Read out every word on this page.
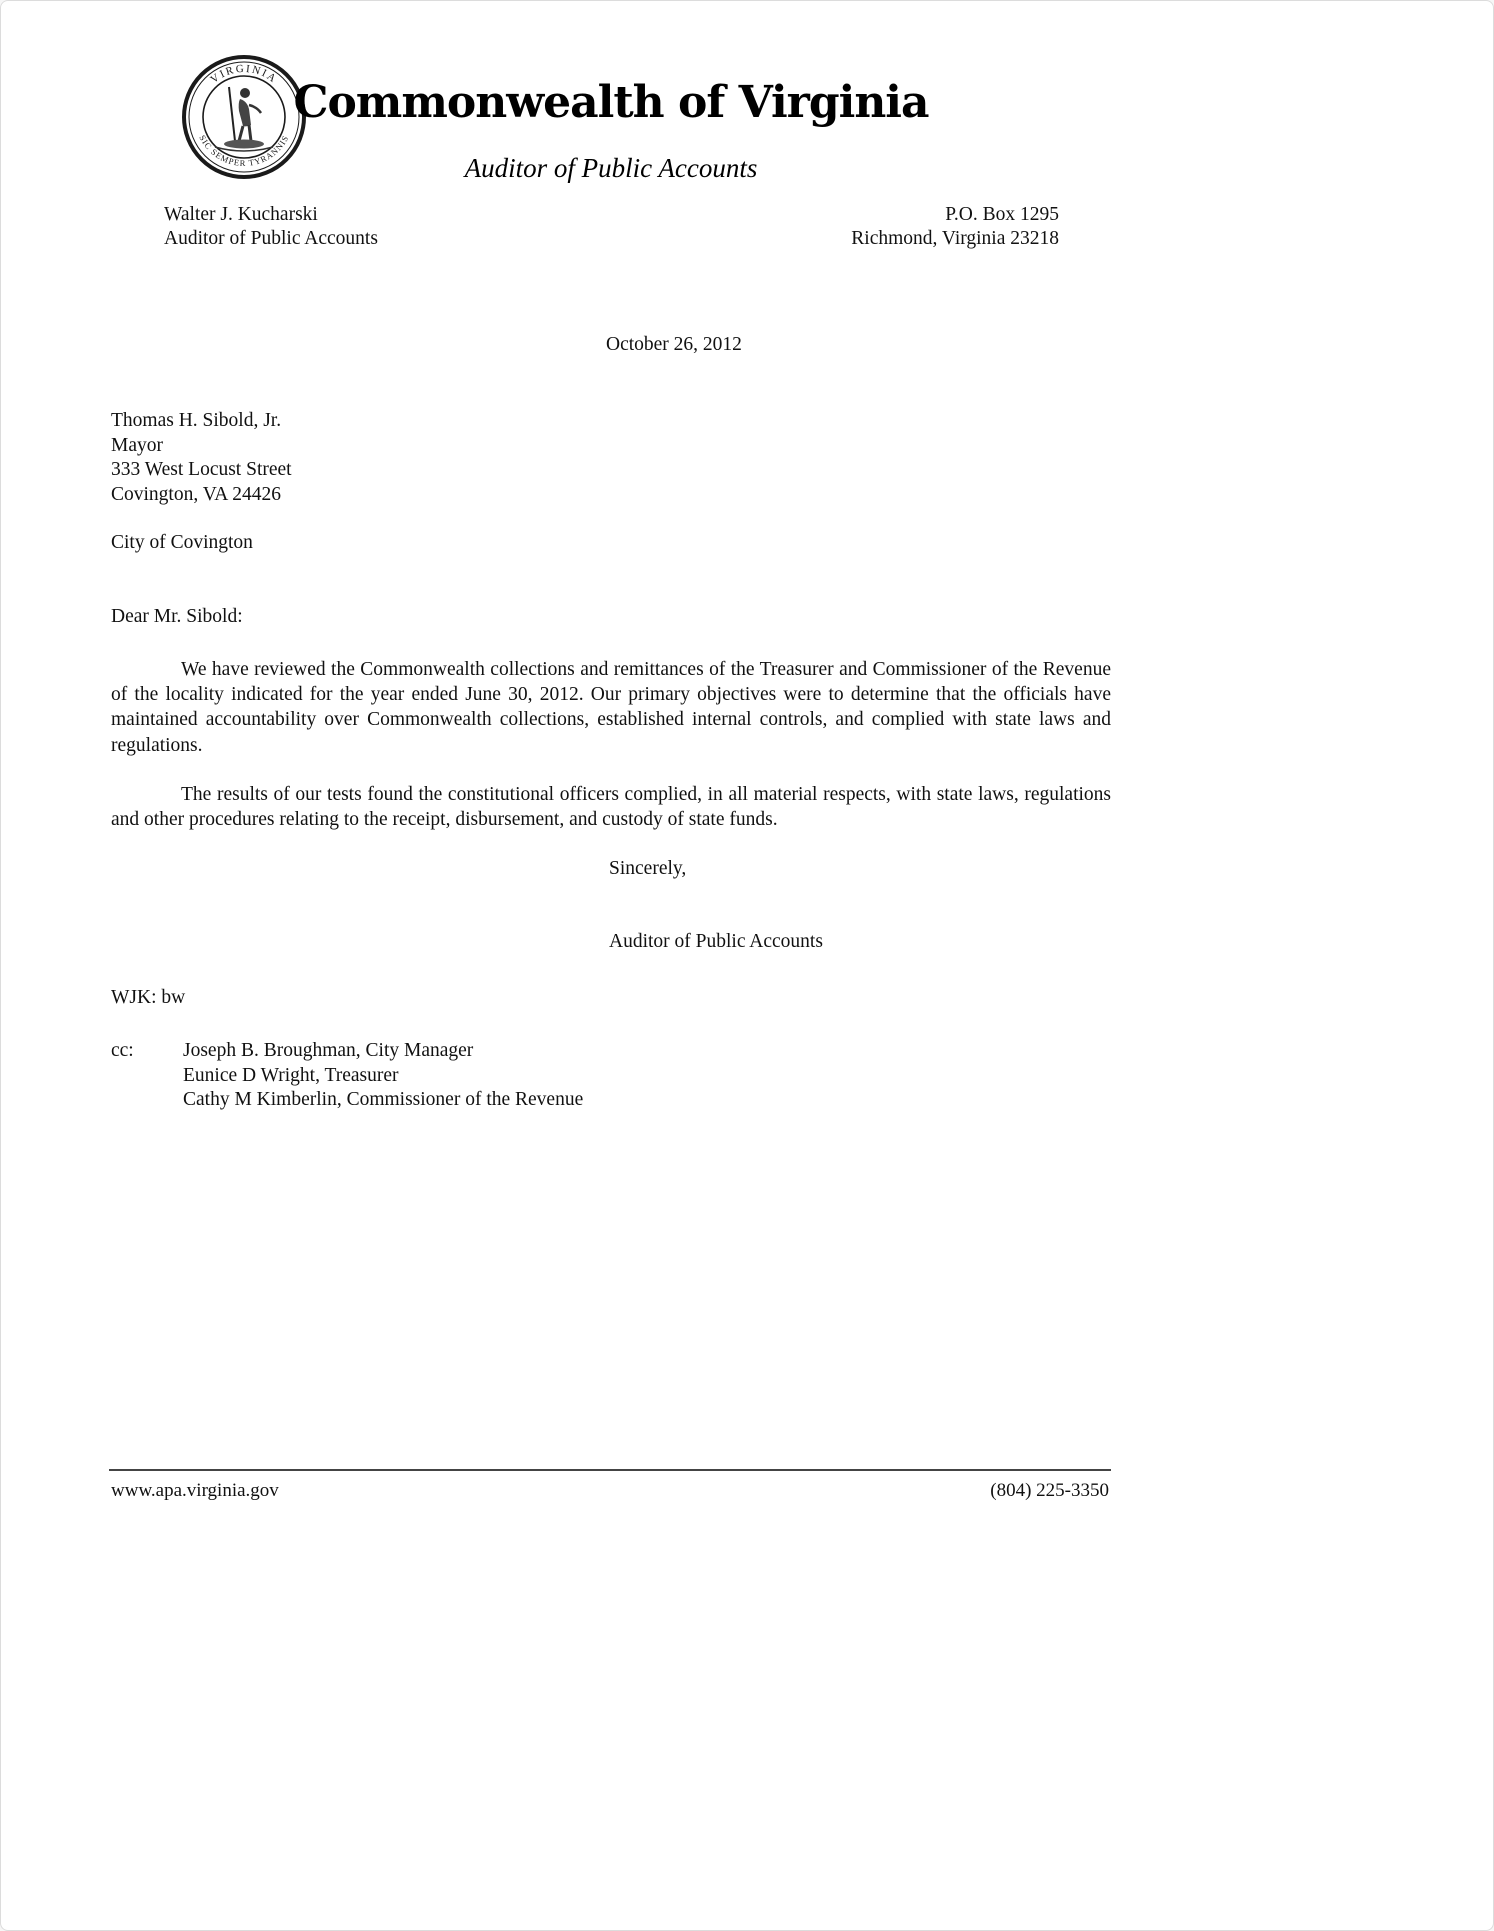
VIRGINIA
SIC SEMPER TYRANNIS
Commonwealth of Virginia
Auditor of Public Accounts
Walter J. Kucharski
Auditor of Public Accounts
P.O. Box 1295
Richmond, Virginia 23218
October 26, 2012
Thomas H. Sibold, Jr.
Mayor
333 West Locust Street
Covington, VA 24426
City of Covington
Dear Mr. Sibold:
We have reviewed the Commonwealth collections and remittances of the Treasurer and Commissioner of the Revenue of the locality indicated for the year ended June 30, 2012. Our primary objectives were to determine that the officials have maintained accountability over Commonwealth collections, established internal controls, and complied with state laws and regulations.
The results of our tests found the constitutional officers complied, in all material respects, with state laws, regulations and other procedures relating to the receipt, disbursement, and custody of state funds.
Sincerely,
Auditor of Public Accounts
WJK: bw
cc:	Joseph B. Broughman, City Manager
Eunice D Wright, Treasurer
Cathy M Kimberlin, Commissioner of the Revenue
www.apa.virginia.gov	(804) 225-3350
